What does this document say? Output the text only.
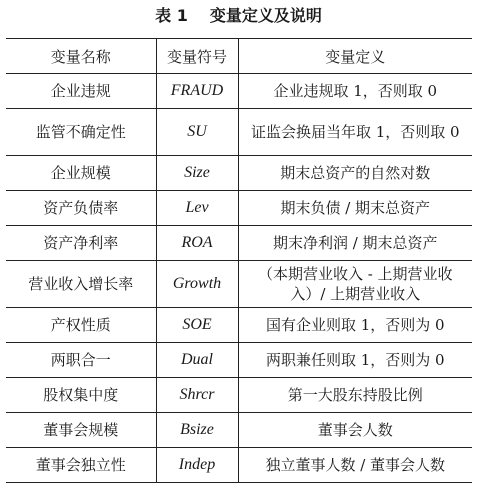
表 1 变量定义及说明
变量名称	变量符号	变量定义
企业违规	FRAUD	企业违规取 1，否则取 0
监管不确定性	SU	证监会换届当年取 1，否则取 0
企业规模	Size	期末总资产的自然对数
资产负债率	Lev	期末负债 / 期末总资产
资产净利率	ROA	期末净利润 / 期末总资产
营业收入增长率	Growth	（本期营业收入 - 上期营业收入）/ 上期营业收入
产权性质	SOE	国有企业则取 1，否则为 0
两职合一	Dual	两职兼任则取 1，否则为 0
股权集中度	Shrcr	第一大股东持股比例
董事会规模	Bsize	董事会人数
董事会独立性	Indep	独立董事人数 / 董事会人数
